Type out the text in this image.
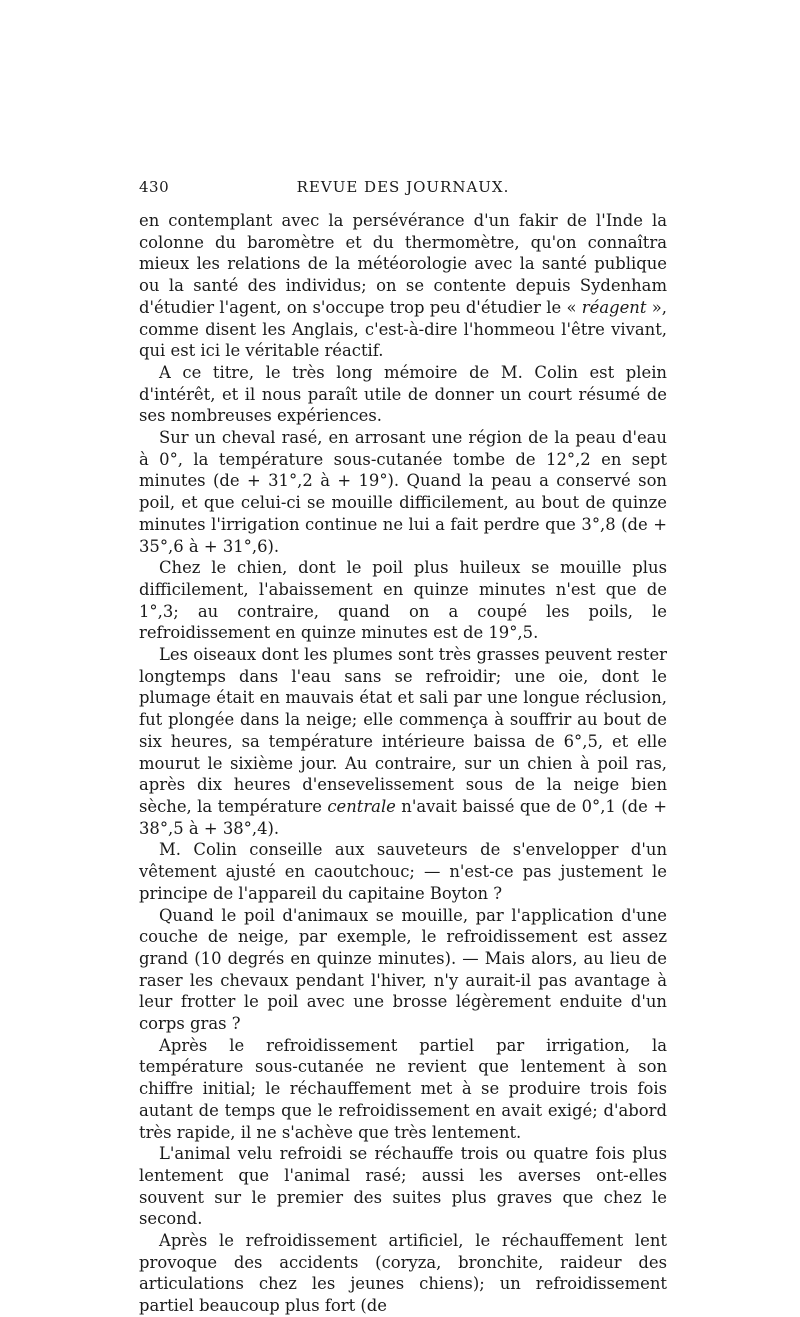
430	REVUE DES JOURNAUX.

en contemplant avec la persévérance d'un fakir de l'Inde la colonne du baromètre et du thermomètre, qu'on connaîtra mieux les relations de la météorologie avec la santé publique ou la santé des individus; on se contente depuis Sydenham d'étudier l'agent, on s'occupe trop peu d'étudier le « réagent », comme disent les Anglais, c'est-à-dire l'hommeou l'être vivant, qui est ici le véritable réactif.

A ce titre, le très long mémoire de M. Colin est plein d'intérêt, et il nous paraît utile de donner un court résumé de ses nombreuses expériences.

Sur un cheval rasé, en arrosant une région de la peau d'eau à 0°, la température sous-cutanée tombe de 12°,2 en sept minutes (de + 31°,2 à + 19°). Quand la peau a conservé son poil, et que celui-ci se mouille difficilement, au bout de quinze minutes l'irrigation continue ne lui a fait perdre que 3°,8 (de + 35°,6 à + 31°,6).

Chez le chien, dont le poil plus huileux se mouille plus difficilement, l'abaissement en quinze minutes n'est que de 1°,3; au contraire, quand on a coupé les poils, le refroidissement en quinze minutes est de 19°,5.

Les oiseaux dont les plumes sont très grasses peuvent rester longtemps dans l'eau sans se refroidir; une oie, dont le plumage était en mauvais état et sali par une longue réclusion, fut plongée dans la neige; elle commença à souffrir au bout de six heures, sa température intérieure baissa de 6°,5, et elle mourut le sixième jour. Au contraire, sur un chien à poil ras, après dix heures d'ensevelissement sous de la neige bien sèche, la température centrale n'avait baissé que de 0°,1 (de + 38°,5 à + 38°,4).

M. Colin conseille aux sauveteurs de s'envelopper d'un vêtement ajusté en caoutchouc; — n'est-ce pas justement le principe de l'appareil du capitaine Boyton ?

Quand le poil d'animaux se mouille, par l'application d'une couche de neige, par exemple, le refroidissement est assez grand (10 degrés en quinze minutes). — Mais alors, au lieu de raser les chevaux pendant l'hiver, n'y aurait-il pas avantage à leur frotter le poil avec une brosse légèrement enduite d'un corps gras ?

Après le refroidissement partiel par irrigation, la température sous-cutanée ne revient que lentement à son chiffre initial; le réchauffement met à se produire trois fois autant de temps que le refroidissement en avait exigé; d'abord très rapide, il ne s'achève que très lentement.

L'animal velu refroidi se réchauffe trois ou quatre fois plus lentement que l'animal rasé; aussi les averses ont-elles souvent sur le premier des suites plus graves que chez le second.

Après le refroidissement artificiel, le réchauffement lent provoque des accidents (coryza, bronchite, raideur des articulations chez les jeunes chiens); un refroidissement partiel beaucoup plus fort (de
